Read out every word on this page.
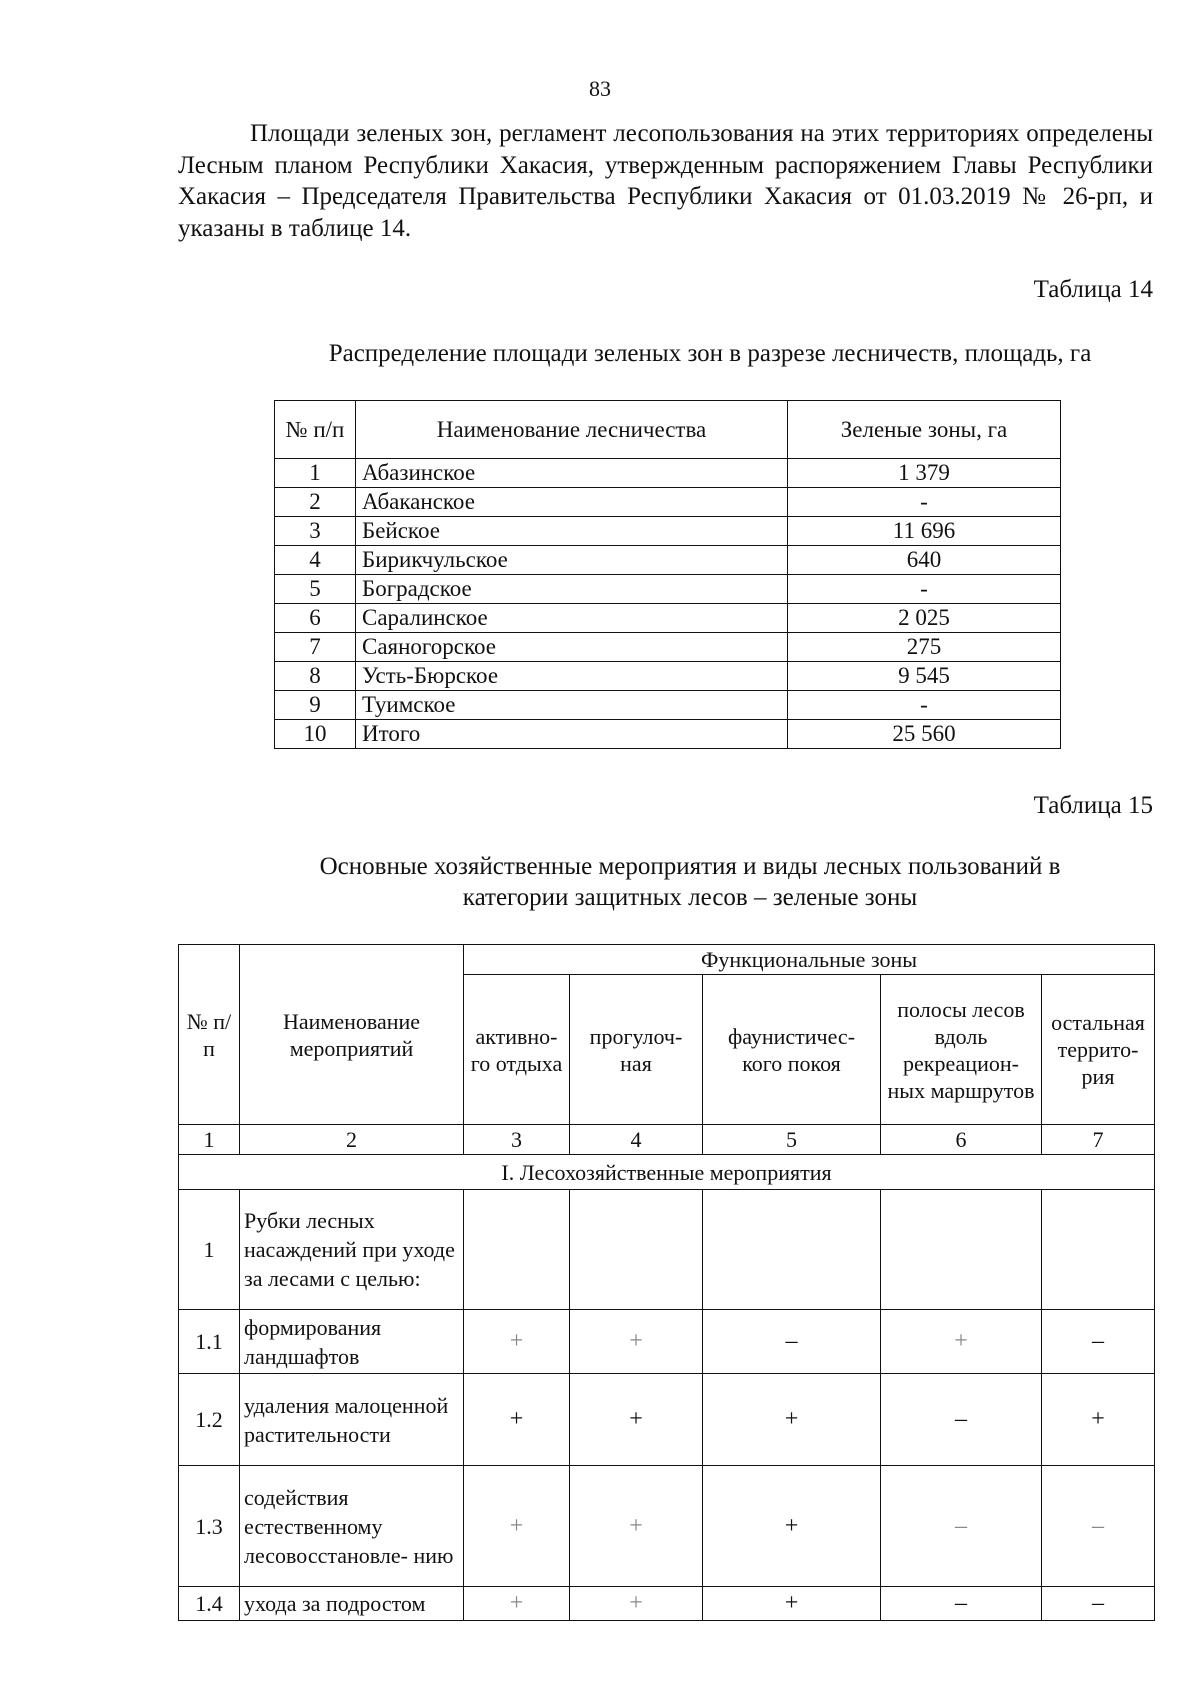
83

Площади зеленых зон, регламент лесопользования на этих территориях определены Лесным планом Республики Хакасия, утвержденным распоряжением Главы Республики Хакасия – Председателя Правительства Республики Хакасия от 01.03.2019 № 26-рп, и указаны в таблице 14.

Таблица 14
Распределение площади зеленых зон в разрезе лесничеств, площадь, га
№ п/п	Наименование лесничества	Зеленые зоны, га
1	Абазинское	1 379
2	Абаканское	-
3	Бейское	11 696
4	Бирикчульское	640
5	Боградское	-
6	Саралинское	2 025
7	Саяногорское	275
8	Усть-Бюрское	9 545
9	Туимское	-
10	Итого	25 560
Таблица 15
Основные хозяйственные мероприятия и виды лесных пользований в
категории защитных лесов – зеленые зоны
№ п/п	Наименование мероприятий	Функциональные зоны				
		активно- го отдыха	прогулоч- ная	фаунистичес- кого покоя	полосы лесов вдоль рекреацион- ных маршрутов	остальная террито- рия
1	2	3	4	5	6	7
I. Лесохозяйственные мероприятия						
1	Рубки лесных насаждений при уходе за лесами с целью:					
1.1	формирования ландшафтов	+	+	–	+	–
1.2	удаления малоценной растительности	+	+	+	–	+
1.3	содействия естественному лесовосстановле- нию	+	+	+	–	–
1.4	ухода за подростом	+	+	+	–	–
